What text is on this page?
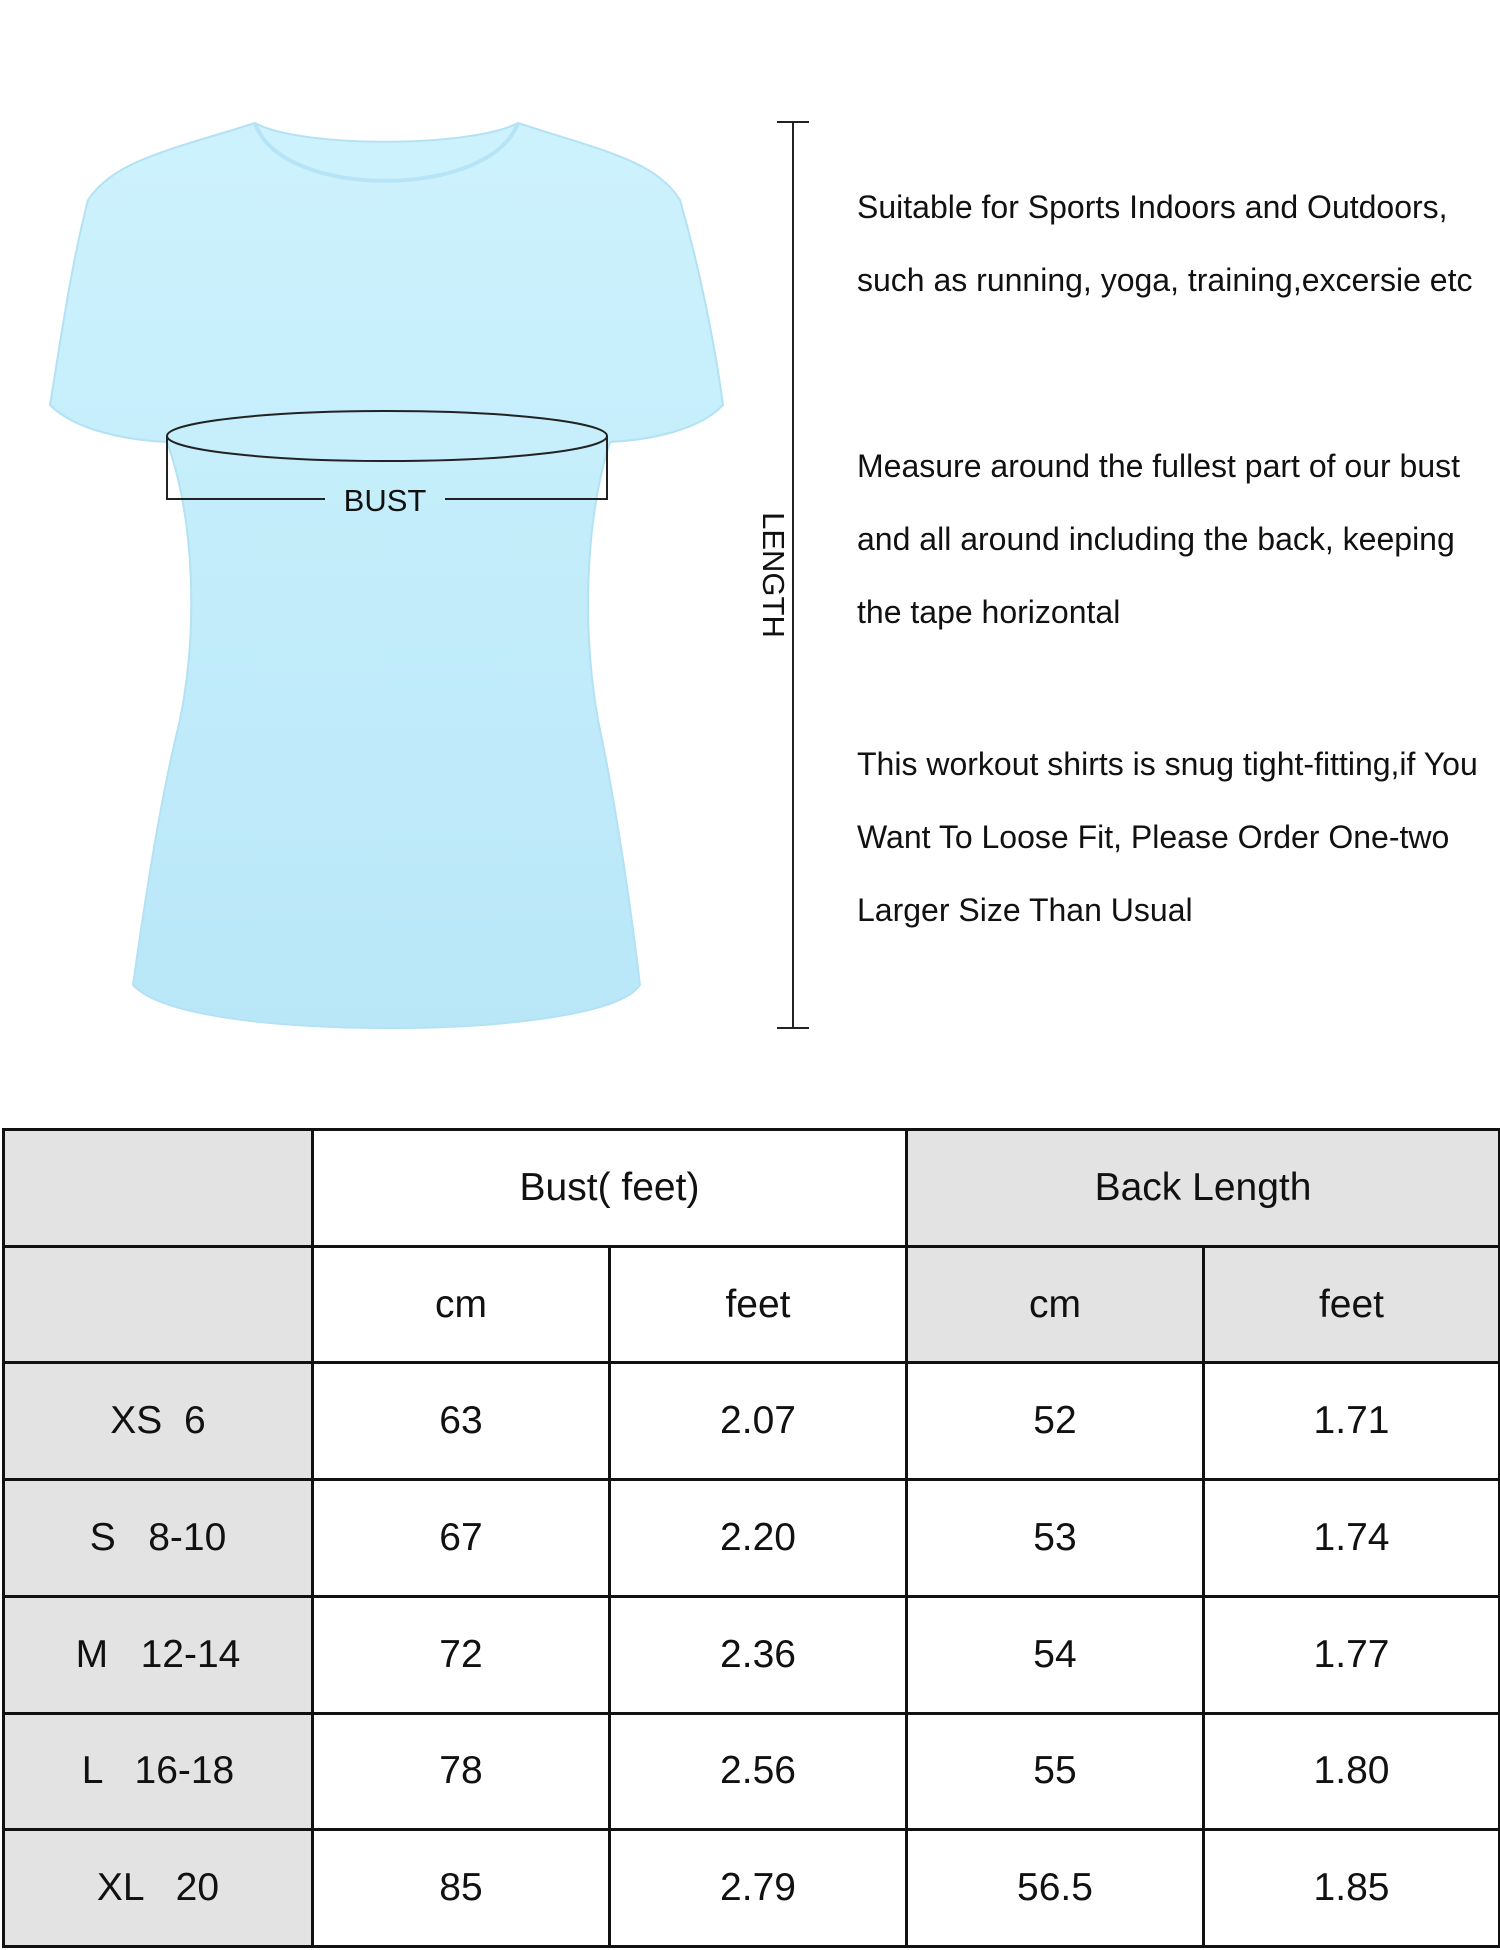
BUST
LENGTH

Suitable for Sports Indoors and Outdoors, such as running, yoga, training,excersie etc

Measure around the fullest part of our bust and all around including the back, keeping the tape horizontal

This workout shirts is snug tight-fitting,if You Want To Loose Fit, Please Order One-two Larger Size Than Usual

	Bust( feet)		Back Length	
	cm	feet	cm	feet
XS  6	63	2.07	52	1.71
S   8-10	67	2.20	53	1.74
M   12-14	72	2.36	54	1.77
L   16-18	78	2.56	55	1.80
XL   20	85	2.79	56.5	1.85
